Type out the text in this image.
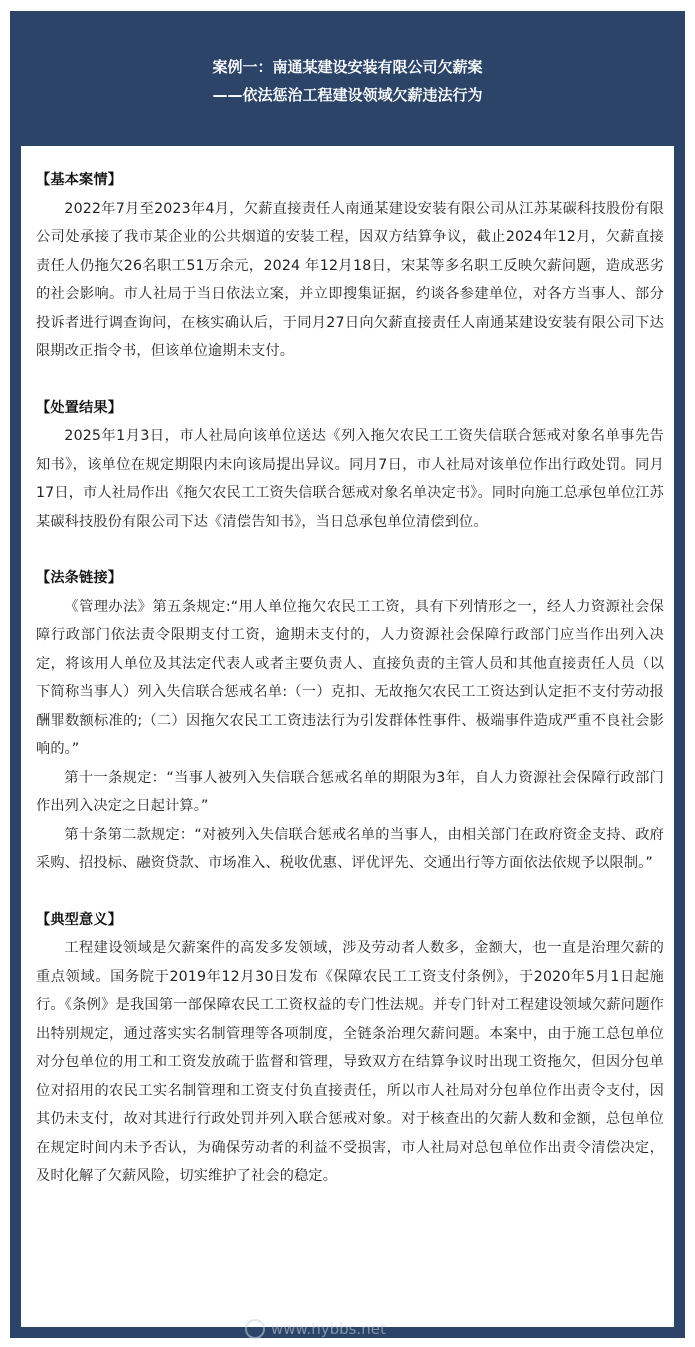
案例一：南通某建设安装有限公司欠薪案
——依法惩治工程建设领域欠薪违法行为
【基本案情】

2022年7月至2023年4月，欠薪直接责任人南通某建设安装有限公司从江苏某碳科技股份有限公司处承接了我市某企业的公共烟道的安装工程，因双方结算争议，截止2024年12月，欠薪直接责任人仍拖欠26名职工51万余元，2024 年12月18日，宋某等多名职工反映欠薪问题，造成恶劣的社会影响。市人社局于当日依法立案，并立即搜集证据，约谈各参建单位，对各方当事人、部分投诉者进行调查询问，在核实确认后，于同月27日向欠薪直接责任人南通某建设安装有限公司下达限期改正指令书，但该单位逾期未支付。

【处置结果】

2025年1月3日，市人社局向该单位送达《列入拖欠农民工工资失信联合惩戒对象名单事先告知书》，该单位在规定期限内未向该局提出异议。同月7日，市人社局对该单位作出行政处罚。同月17日，市人社局作出《拖欠农民工工资失信联合惩戒对象名单决定书》。同时向施工总承包单位江苏某碳科技股份有限公司下达《清偿告知书》，当日总承包单位清偿到位。

【法条链接】

《管理办法》第五条规定:“用人单位拖欠农民工工资，具有下列情形之一，经人力资源社会保障行政部门依法责令限期支付工资，逾期未支付的，人力资源社会保障行政部门应当作出列入决定，将该用人单位及其法定代表人或者主要负责人、直接负责的主管人员和其他直接责任人员（以下简称当事人）列入失信联合惩戒名单:（一）克扣、无故拖欠农民工工资达到认定拒不支付劳动报酬罪数额标准的;（二）因拖欠农民工工资违法行为引发群体性事件、极端事件造成严重不良社会影响的。”

第十一条规定：“当事人被列入失信联合惩戒名单的期限为3年，自人力资源社会保障行政部门作出列入决定之日起计算。”

第十条第二款规定：“对被列入失信联合惩戒名单的当事人，由相关部门在政府资金支持、政府采购、招投标、融资贷款、市场准入、税收优惠、评优评先、交通出行等方面依法依规予以限制。”

【典型意义】

工程建设领域是欠薪案件的高发多发领域，涉及劳动者人数多，金额大，也一直是治理欠薪的重点领域。国务院于2019年12月30日发布《保障农民工工资支付条例》，于2020年5月1日起施行。《条例》是我国第一部保障农民工工资权益的专门性法规。并专门针对工程建设领域欠薪问题作出特别规定，通过落实实名制管理等各项制度，全链条治理欠薪问题。本案中，由于施工总包单位对分包单位的用工和工资发放疏于监督和管理，导致双方在结算争议时出现工资拖欠，但因分包单位对招用的农民工实名制管理和工资支付负直接责任，所以市人社局对分包单位作出责令支付，因其仍未支付，故对其进行行政处罚并列入联合惩戒对象。对于核查出的欠薪人数和金额，总包单位在规定时间内未予否认，为确保劳动者的利益不受损害，市人社局对总包单位作出责令清偿决定，及时化解了欠薪风险，切实维护了社会的稳定。

www.hybbs.net
